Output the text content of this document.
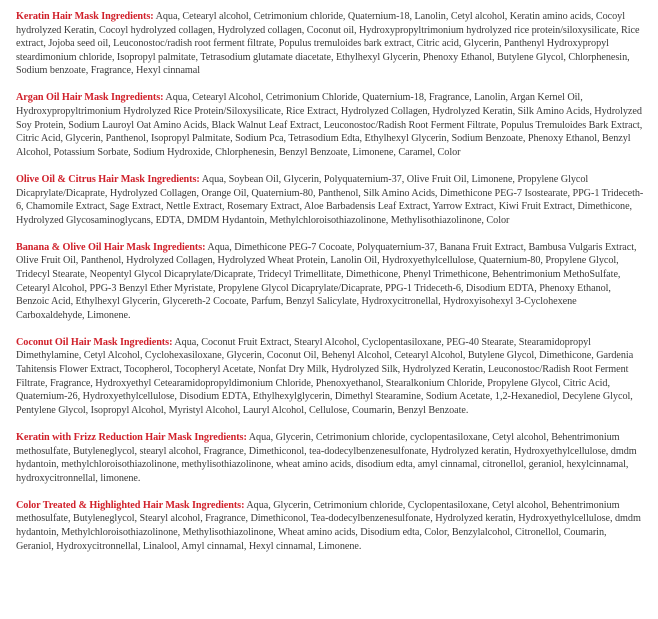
Keratin Hair Mask Ingredients: Aqua, Cetearyl alcohol, Cetrimonium chloride, Quaternium-18, Lanolin, Cetyl alcohol, Keratin amino acids, Cocoyl hydrolyzed Keratin, Cocoyl hydrolyzed collagen, Hydrolyzed collagen, Coconut oil, Hydroxypropyltrimonium hydrolyzed rice protein/siloxysilicate, Rice extract, Jojoba seed oil, Leuconostoc/radish root ferment filtrate, Populus tremuloides bark extract, Citric acid, Glycerin, Panthenyl Hydroxypropyl steardimonium chloride, Isopropyl palmitate, Tetrasodium glutamate diacetate, Ethylhexyl Glycerin, Phenoxy Ethanol, Butylene Glycol, Chlorphenesin, Sodium benzoate, Fragrance, Hexyl cinnamal

Argan Oil Hair Mask Ingredients: Aqua, Cetearyl Alcohol, Cetrimonium Chloride, Quaternium-18, Fragrance, Lanolin, Argan Kernel Oil, Hydroxypropyltrimonium Hydrolyzed Rice Protein/Siloxysilicate, Rice Extract, Hydrolyzed Collagen, Hydrolyzed Keratin, Silk Amino Acids, Hydrolyzed Soy Protein, Sodium Lauroyl Oat Amino Acids, Black Walnut Leaf Extract, Leuconostoc/Radish Root Ferment Filtrate, Populus Tremuloides Bark Extract, Citric Acid, Glycerin, Panthenol, Isopropyl Palmitate, Sodium Pca, Tetrasodium Edta, Ethylhexyl Glycerin, Sodium Benzoate, Phenoxy Ethanol, Benzyl Alcohol, Potassium Sorbate, Sodium Hydroxide, Chlorphenesin, Benzyl Benzoate, Limonene, Caramel, Color

Olive Oil & Citrus Hair Mask Ingredients: Aqua, Soybean Oil, Glycerin, Polyquaternium-37, Olive Fruit Oil, Limonene, Propylene Glycol Dicaprylate/Dicaprate, Hydrolyzed Collagen, Orange Oil, Quaternium-80, Panthenol, Silk Amino Acids, Dimethicone PEG-7 Isostearate, PPG-1 Trideceth-6, Chamomile Extract, Sage Extract, Nettle Extract, Rosemary Extract, Aloe Barbadensis Leaf Extract, Yarrow Extract, Kiwi Fruit Extract, Dimethicone, Hydrolyzed Glycosaminoglycans, EDTA, DMDM Hydantoin, Methylchloroisothiazolinone, Methylisothiazolinone, Color

Banana & Olive Oil Hair Mask Ingredients: Aqua, Dimethicone PEG-7 Cocoate, Polyquaternium-37, Banana Fruit Extract, Bambusa Vulgaris Extract, Olive Fruit Oil, Panthenol, Hydrolyzed Collagen, Hydrolyzed Wheat Protein, Lanolin Oil, Hydroxyethylcellulose, Quaternium-80, Propylene Glycol, Tridecyl Stearate, Neopentyl Glycol Dicaprylate/Dicaprate, Tridecyl Trimellitate, Dimethicone, Phenyl Trimethicone, Behentrimonium MethoSulfate, Cetearyl Alcohol, PPG-3 Benzyl Ether Myristate, Propylene Glycol Dicaprylate/Dicaprate, PPG-1 Trideceth-6, Disodium EDTA, Phenoxy Ethanol, Benzoic Acid, Ethylhexyl Glycerin, Glycereth-2 Cocoate, Parfum, Benzyl Salicylate, Hydroxycitronellal, Hydroxyisohexyl 3-Cyclohexene Carboxaldehyde, Limonene.

Coconut Oil Hair Mask Ingredients: Aqua, Coconut Fruit Extract, Stearyl Alcohol, Cyclopentasiloxane, PEG-40 Stearate, Stearamidopropyl Dimethylamine, Cetyl Alcohol, Cyclohexasiloxane, Glycerin, Coconut Oil, Behenyl Alcohol, Cetearyl Alcohol, Butylene Glycol, Dimethicone, Gardenia Tahitensis Flower Extract, Tocopherol, Tocopheryl Acetate, Nonfat Dry Milk, Hydrolyzed Silk, Hydrolyzed Keratin, Leuconostoc/Radish Root Ferment Filtrate, Fragrance, Hydroxyethyl Cetearamidopropyldimonium Chloride, Phenoxyethanol, Stearalkonium Chloride, Propylene Glycol, Citric Acid, Quaternium-26, Hydroxyethylcellulose, Disodium EDTA, Ethylhexylglycerin, Dimethyl Stearamine, Sodium Acetate, 1,2-Hexanediol, Decylene Glycol, Pentylene Glycol, Isopropyl Alcohol, Myristyl Alcohol, Lauryl Alcohol, Cellulose, Coumarin, Benzyl Benzoate.

Keratin with Frizz Reduction Hair Mask Ingredients: Aqua, Glycerin, Cetrimonium chloride, cyclopentasiloxane, Cetyl alcohol, Behentrimonium methosulfate, Butyleneglycol, stearyl alcohol, Fragrance, Dimethiconol, tea-dodecylbenzenesulfonate, Hydrolyzed keratin, Hydroxyethylcellulose, dmdm hydantoin, methylchloroisothiazolinone, methylisothiazolinone, wheat amino acids, disodium edta, amyl cinnamal, citronellol, geraniol, hexylcinnamal, hydroxycitronnellal, limonene.

Color Treated & Highlighted Hair Mask Ingredients: Aqua, Glycerin, Cetrimonium chloride, Cyclopentasiloxane, Cetyl alcohol, Behentrimonium methosulfate, Butyleneglycol, Stearyl alcohol, Fragrance, Dimethiconol, Tea-dodecylbenzenesulfonate, Hydrolyzed keratin, Hydroxyethylcellulose, dmdm hydantoin, Methylchloroisothiazolinone, Methylisothiazolinone, Wheat amino acids, Disodium edta, Color, Benzylalcohol, Citronellol, Coumarin, Geraniol, Hydroxycitronnellal, Linalool, Amyl cinnamal, Hexyl cinnamal, Limonene.
